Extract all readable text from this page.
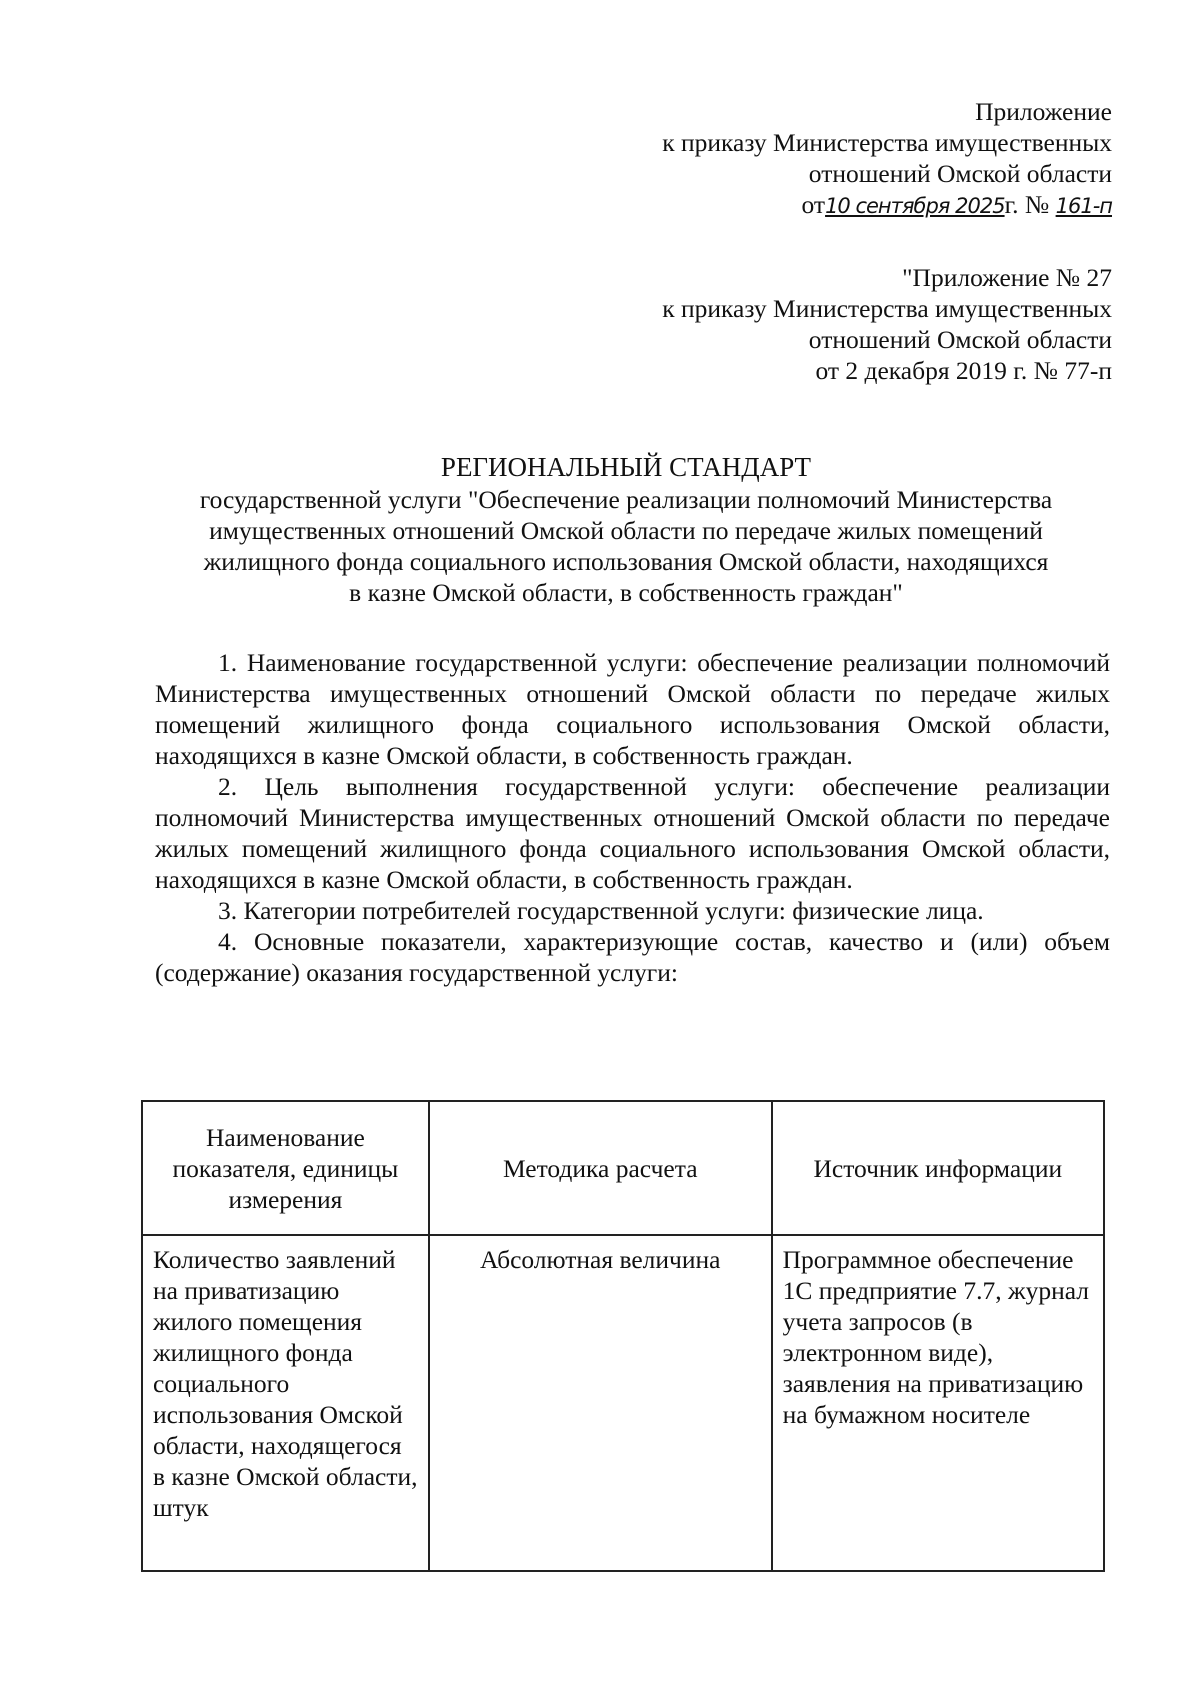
Приложение
к приказу Министерства имущественных
отношений Омской области
от10 сентября 2025г. № 161-п
"Приложение № 27
к приказу Министерства имущественных
отношений Омской области
от 2 декабря 2019 г. № 77-п
РЕГИОНАЛЬНЫЙ СТАНДАРТ
государственной услуги "Обеспечение реализации полномочий Министерства
имущественных отношений Омской области по передаче жилых помещений
жилищного фонда социального использования Омской области, находящихся
в казне Омской области, в собственность граждан"

1. Наименование государственной услуги: обеспечение реализации полномочий Министерства имущественных отношений Омской области по передаче жилых помещений жилищного фонда социального использования Омской области, находящихся в казне Омской области, в собственность граждан.

2. Цель выполнения государственной услуги: обеспечение реализации полномочий Министерства имущественных отношений Омской области по передаче жилых помещений жилищного фонда социального использования Омской области, находящихся в казне Омской области, в собственность граждан.

3. Категории потребителей государственной услуги: физические лица.

4. Основные показатели, характеризующие состав, качество и (или) объем (содержание) оказания государственной услуги:

Наименование показателя, единицы измерения	Методика расчета	Источник информации
Количество заявлений на приватизацию жилого помещения жилищного фонда социального использования Омской области, находящегося в казне Омской области, штук	Абсолютная величина	Программное обеспечение 1С предприятие 7.7, журнал учета запросов (в электронном виде), заявления на приватизацию на бумажном носителе
